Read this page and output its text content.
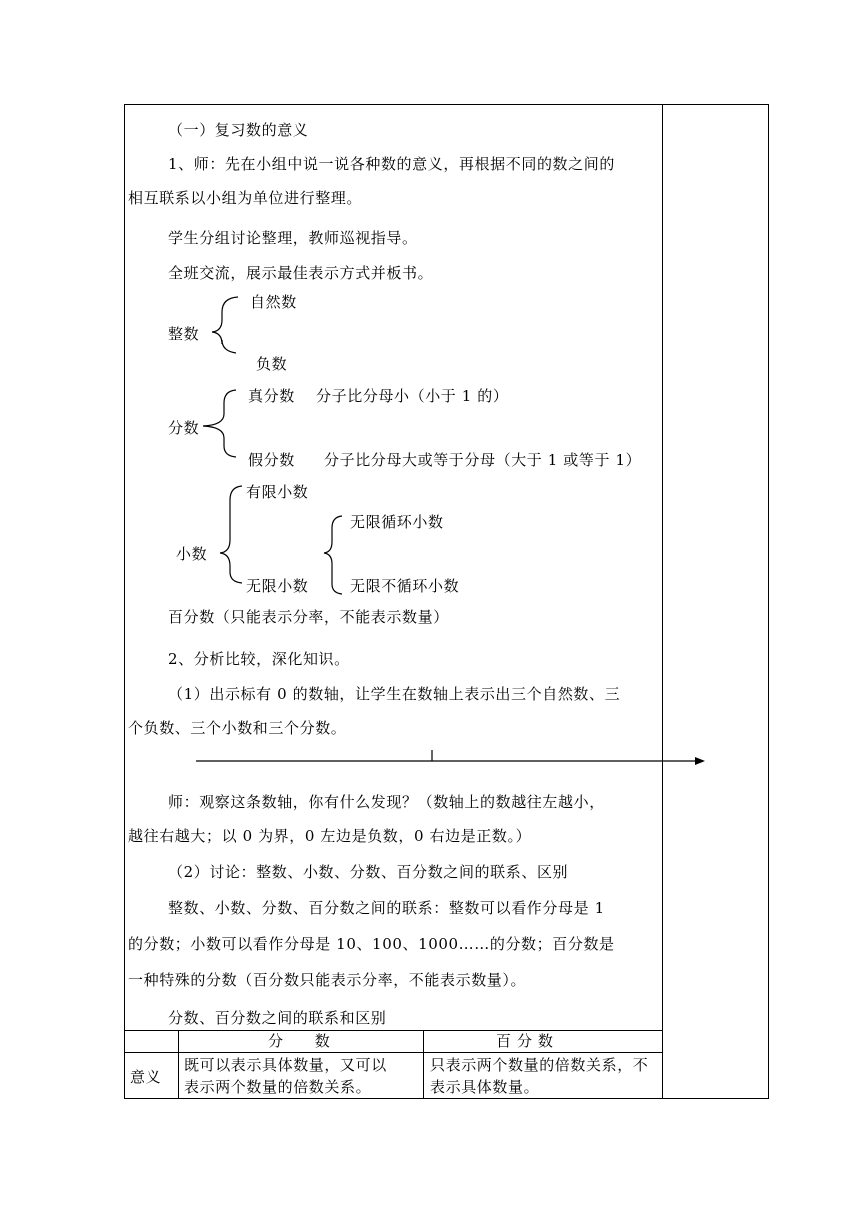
（一）复习数的意义
1、师：先在小组中说一说各种数的意义，再根据不同的数之间的
相互联系以小组为单位进行整理。
学生分组讨论整理，教师巡视指导。
全班交流，展示最佳表示方式并板书。
自然数
整数
负数
真分数 分子比分母小（小于 1 的）
分数
假分数 分子比分母大或等于分母（大于 1 或等于 1）
有限小数
无限循环小数
小数
无限小数	无限不循环小数
百分数（只能表示分率，不能表示数量）
2、分析比较，深化知识。
（1）出示标有 0 的数轴，让学生在数轴上表示出三个自然数、三
个负数、三个小数和三个分数。
师：观察这条数轴，你有什么发现？（数轴上的数越往左越小，
越往右越大；以 0 为界，0 左边是负数，0 右边是正数。）
（2）讨论：整数、小数、分数、百分数之间的联系、区别
整数、小数、分数、百分数之间的联系：整数可以看作分母是 1
的分数；小数可以看作分母是 10、100、1000……的分数；百分数是
一种特殊的分数（百分数只能表示分率，不能表示数量）。
分数、百分数之间的联系和区别
分　　数	百 分 数
意义
既可以表示具体数量，又可以
表示两个数量的倍数关系。
只表示两个数量的倍数关系，不
表示具体数量。
